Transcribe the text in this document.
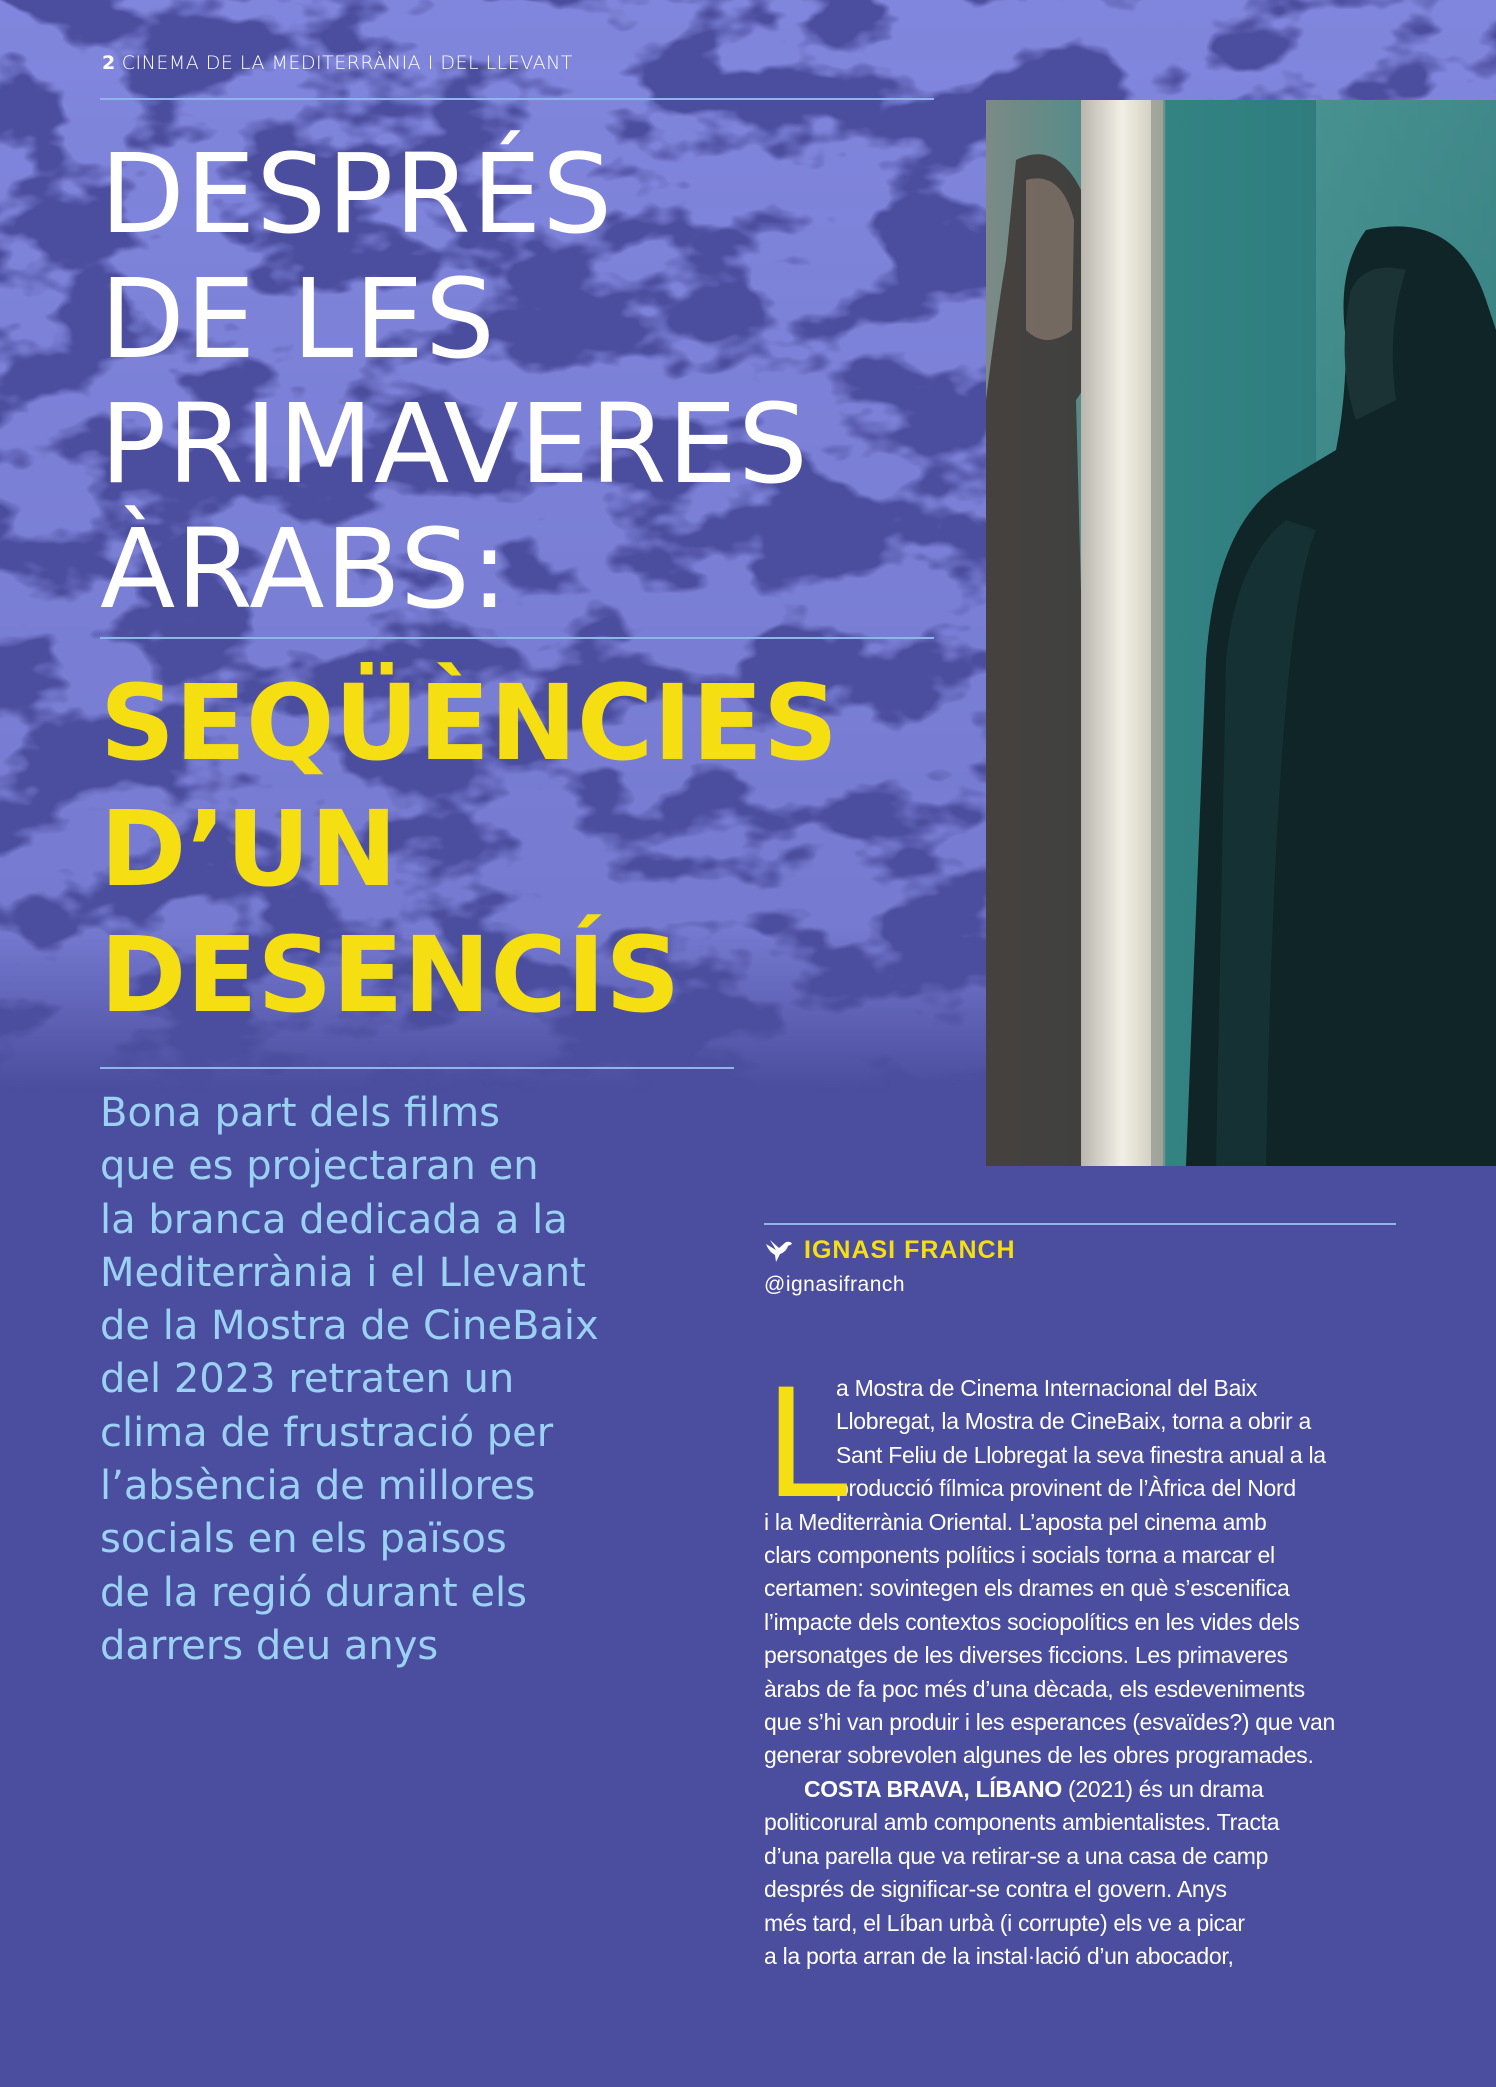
2 CINEMA DE LA MEDITERRÀNIA I DEL LLEVANT
DESPRÉS
DE LES
PRIMAVERES
ÀRABS:
SEQÜÈNCIES
D’UN
DESENCÍS
Bona part dels films
que es projectaran en
la branca dedicada a la
Mediterrània i el Llevant
de la Mostra de CineBaix
del 2023 retraten un
clima de frustració per
l’absència de millores
socials en els països
de la regió durant els
darrers deu anys
IGNASI FRANCH
@ignasifranch
L
a Mostra de Cinema Internacional del Baix
Llobregat, la Mostra de CineBaix, torna a obrir a
Sant Feliu de Llobregat la seva finestra anual a la
producció fílmica provinent de l’Àfrica del Nord
i la Mediterrània Oriental. L’aposta pel cinema amb
clars components polítics i socials torna a marcar el
certamen: sovintegen els drames en què s’escenifica
l’impacte dels contextos sociopolítics en les vides dels
personatges de les diverses ficcions. Les primaveres
àrabs de fa poc més d’una dècada, els esdeveniments
que s’hi van produir i les esperances (esvaïdes?) que van
generar sobrevolen algunes de les obres programades.
COSTA BRAVA, LÍBANO (2021) és un drama
politicorural amb components ambientalistes. Tracta
d’una parella que va retirar-se a una casa de camp
després de significar-se contra el govern. Anys
més tard, el Líban urbà (i corrupte) els ve a picar
a la porta arran de la instal·lació d’un abocador,
